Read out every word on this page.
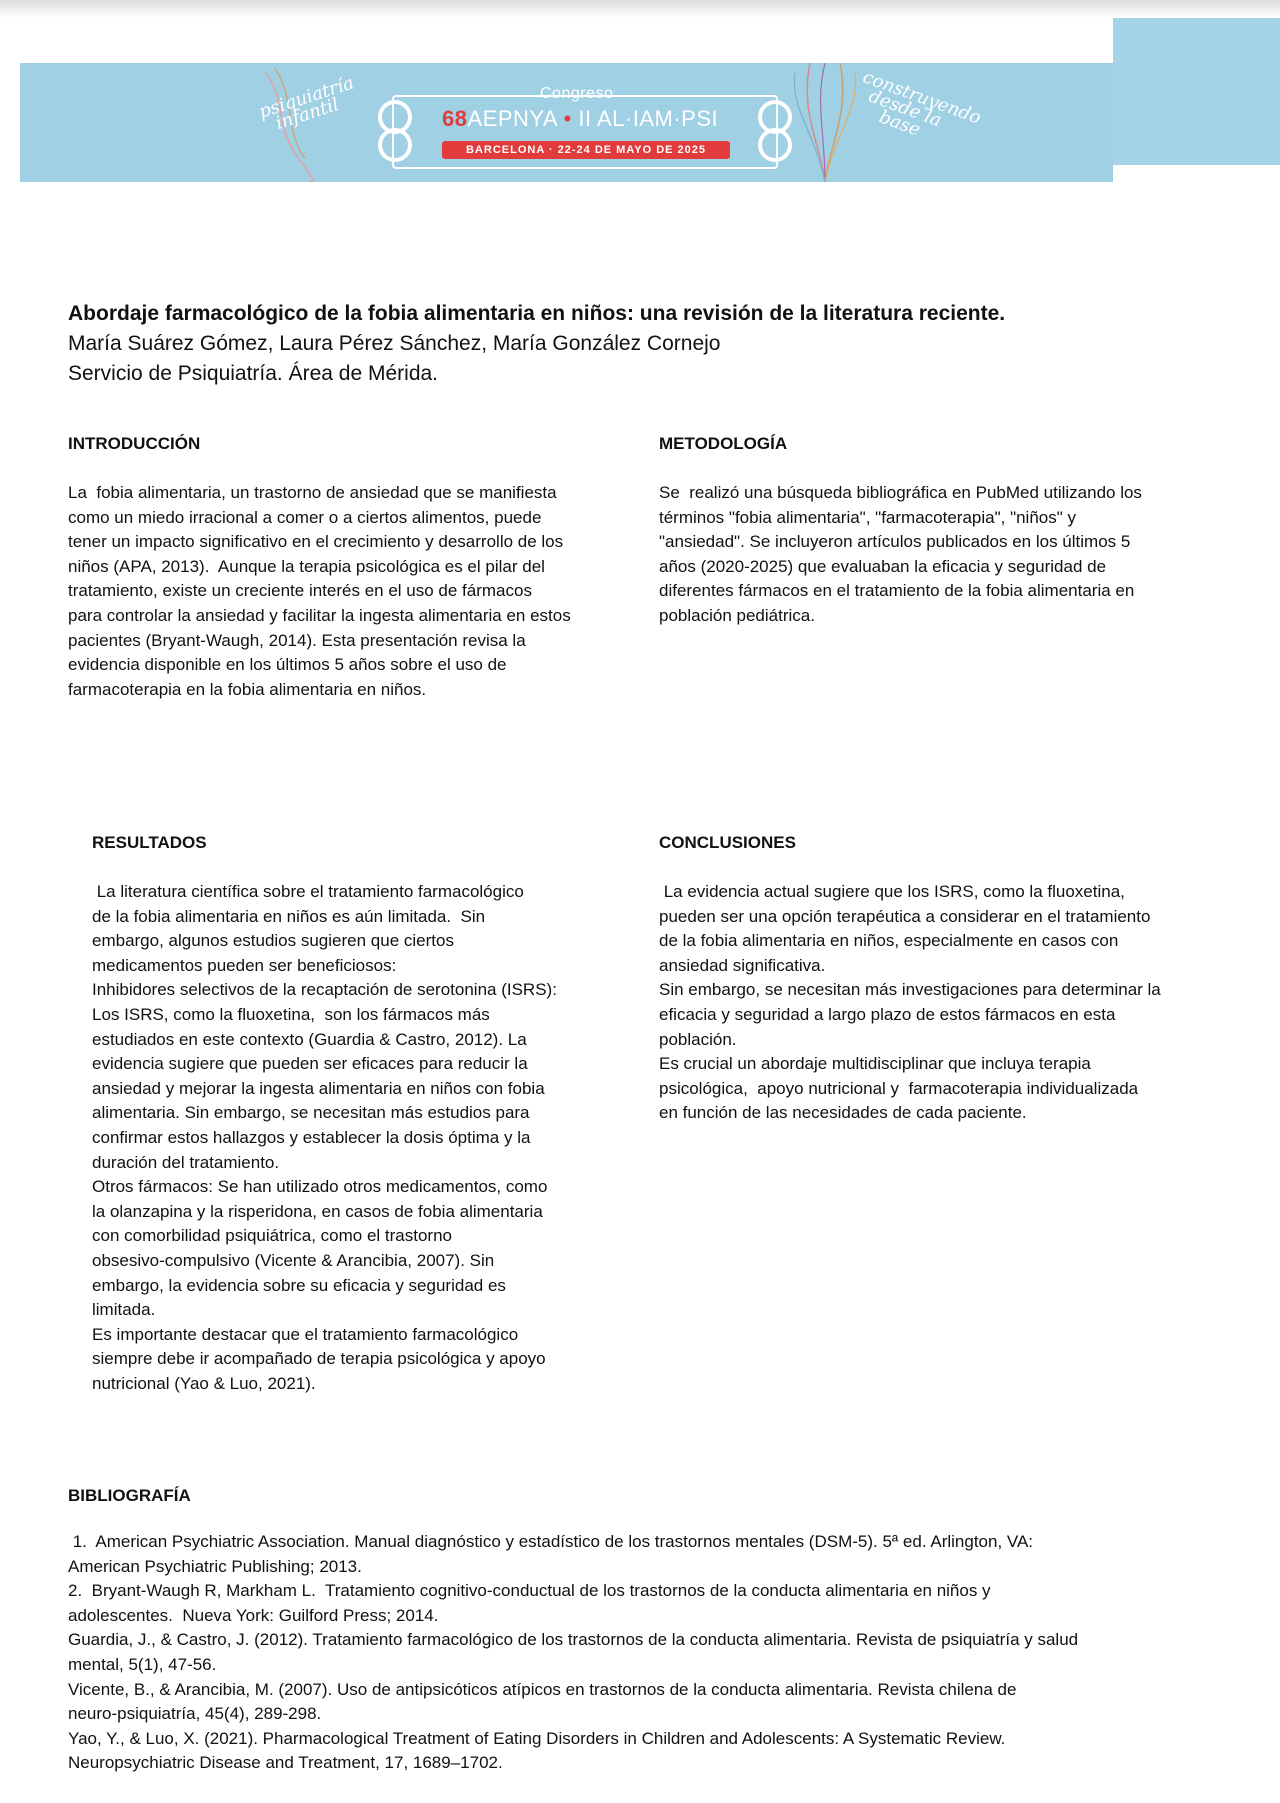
psiquiatría infantil
Congreso
68AEPNYA • II AL·IAM·PSI
BARCELONA · 22-24 DE MAYO DE 2025
construyendo desde la base
Abordaje farmacológico de la fobia alimentaria en niños: una revisión de la literatura reciente.
María Suárez Gómez, Laura Pérez Sánchez, María González Cornejo
Servicio de Psiquiatría. Área de Mérida.
INTRODUCCIÓN

La  fobia alimentaria, un trastorno de ansiedad que se manifiesta

como un miedo irracional a comer o a ciertos alimentos, puede

tener un impacto significativo en el crecimiento y desarrollo de los

niños (APA, 2013).  Aunque la terapia psicológica es el pilar del

tratamiento, existe un creciente interés en el uso de fármacos

para controlar la ansiedad y facilitar la ingesta alimentaria en estos

pacientes (Bryant-Waugh, 2014). Esta presentación revisa la

evidencia disponible en los últimos 5 años sobre el uso de

farmacoterapia en la fobia alimentaria en niños.

METODOLOGÍA

Se  realizó una búsqueda bibliográfica en PubMed utilizando los

términos "fobia alimentaria", "farmacoterapia", "niños" y

"ansiedad". Se incluyeron artículos publicados en los últimos 5

años (2020-2025) que evaluaban la eficacia y seguridad de

diferentes fármacos en el tratamiento de la fobia alimentaria en

población pediátrica.

RESULTADOS

La literatura científica sobre el tratamiento farmacológico

de la fobia alimentaria en niños es aún limitada.  Sin

embargo, algunos estudios sugieren que ciertos

medicamentos pueden ser beneficiosos:

Inhibidores selectivos de la recaptación de serotonina (ISRS):

Los ISRS, como la fluoxetina,  son los fármacos más

estudiados en este contexto (Guardia & Castro, 2012). La

evidencia sugiere que pueden ser eficaces para reducir la

ansiedad y mejorar la ingesta alimentaria en niños con fobia

alimentaria. Sin embargo, se necesitan más estudios para

confirmar estos hallazgos y establecer la dosis óptima y la

duración del tratamiento.

Otros fármacos: Se han utilizado otros medicamentos, como

la olanzapina y la risperidona, en casos de fobia alimentaria

con comorbilidad psiquiátrica, como el trastorno

obsesivo-compulsivo (Vicente & Arancibia, 2007). Sin

embargo, la evidencia sobre su eficacia y seguridad es

limitada.

Es importante destacar que el tratamiento farmacológico

siempre debe ir acompañado de terapia psicológica y apoyo

nutricional (Yao & Luo, 2021).

CONCLUSIONES

La evidencia actual sugiere que los ISRS, como la fluoxetina,

pueden ser una opción terapéutica a considerar en el tratamiento

de la fobia alimentaria en niños, especialmente en casos con

ansiedad significativa.

Sin embargo, se necesitan más investigaciones para determinar la

eficacia y seguridad a largo plazo de estos fármacos en esta

población.

Es crucial un abordaje multidisciplinar que incluya terapia

psicológica,  apoyo nutricional y  farmacoterapia individualizada

en función de las necesidades de cada paciente.

BIBLIOGRAFÍA

1.  American Psychiatric Association. Manual diagnóstico y estadístico de los trastornos mentales (DSM-5). 5ª ed. Arlington, VA:

American Psychiatric Publishing; 2013.

2.  Bryant-Waugh R, Markham L.  Tratamiento cognitivo-conductual de los trastornos de la conducta alimentaria en niños y

adolescentes.  Nueva York: Guilford Press; 2014.

Guardia, J., & Castro, J. (2012). Tratamiento farmacológico de los trastornos de la conducta alimentaria. Revista de psiquiatría y salud

mental, 5(1), 47-56.

Vicente, B., & Arancibia, M. (2007). Uso de antipsicóticos atípicos en trastornos de la conducta alimentaria. Revista chilena de

neuro-psiquiatría, 45(4), 289-298.

Yao, Y., & Luo, X. (2021). Pharmacological Treatment of Eating Disorders in Children and Adolescents: A Systematic Review.

Neuropsychiatric Disease and Treatment, 17, 1689–1702.
